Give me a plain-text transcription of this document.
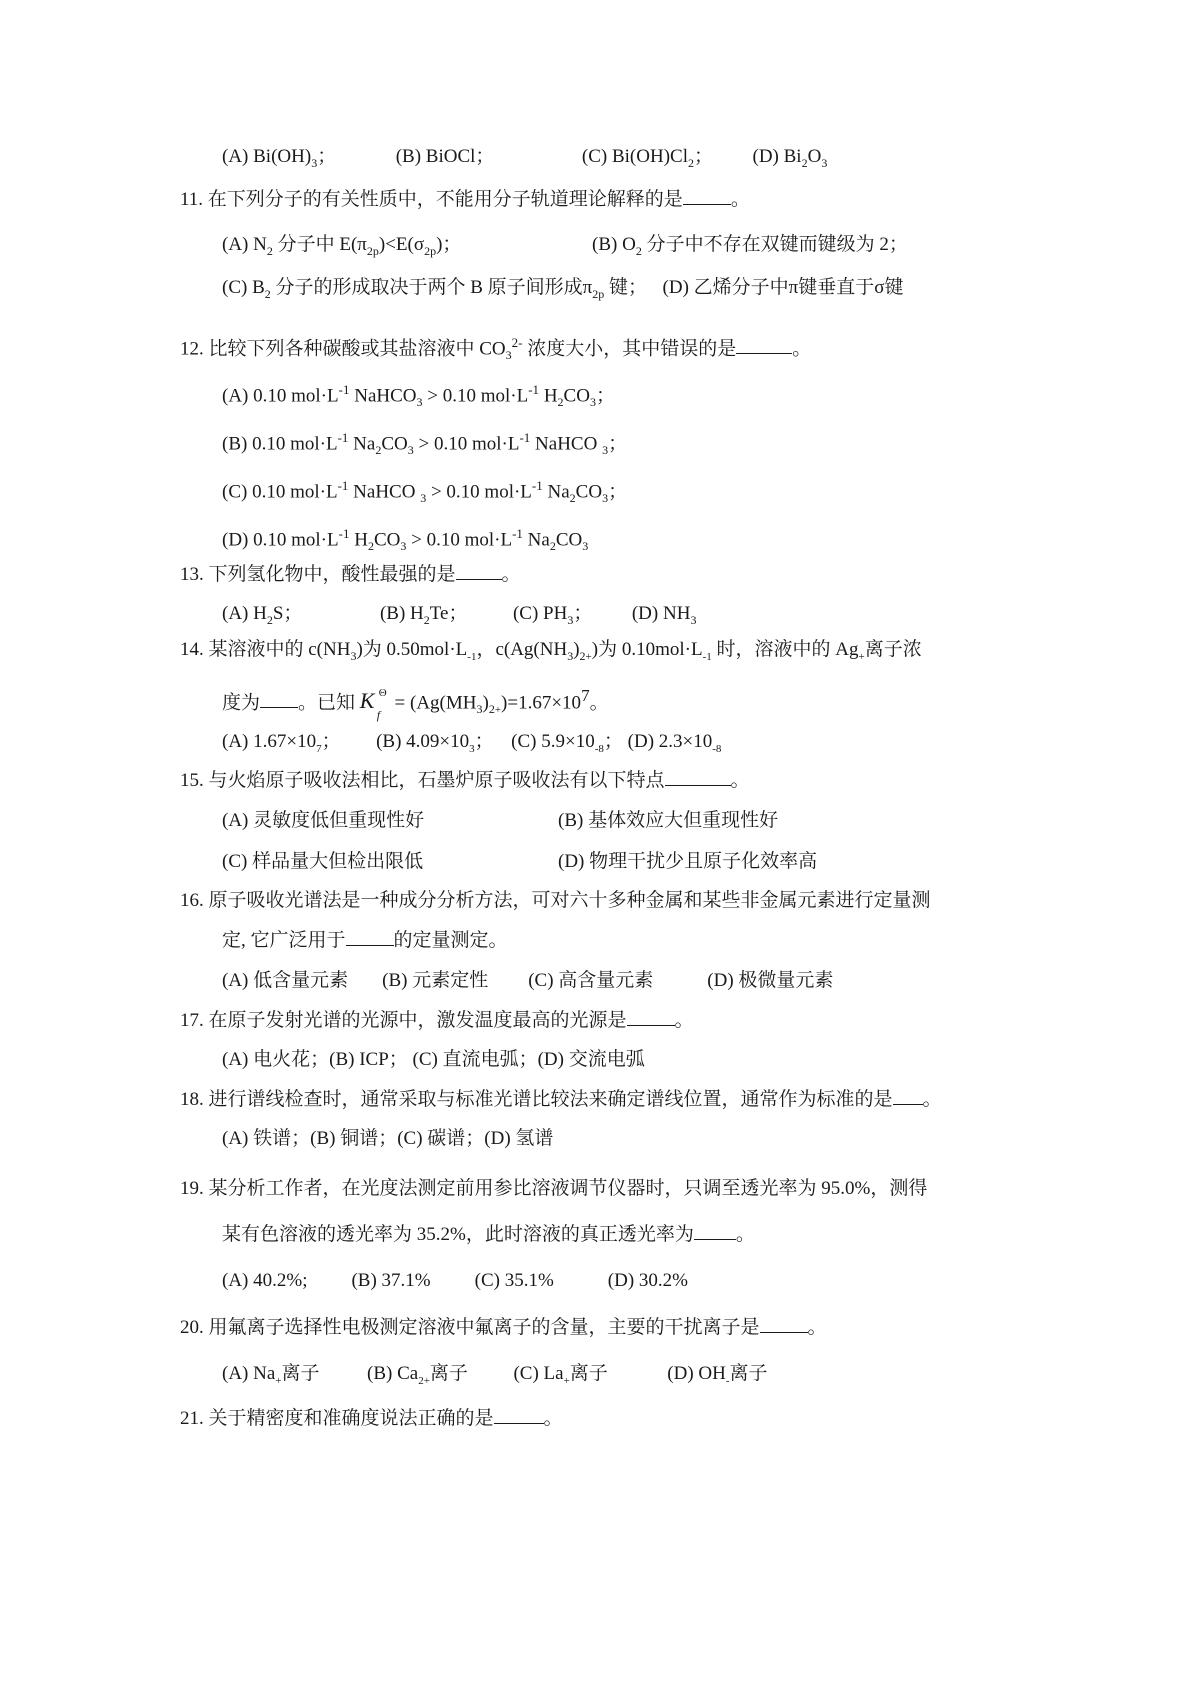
(A) $Bi(OH)_3$；	(B) BiOCl；	(C) $Bi(OH)Cl_2$； (D) $Bi_2O_3$
11. 在下列分子的有关性质中，不能用分子轨道理论解释的是	。
(A) $N_2$ 分子中 $E(\pi_{2p})<E(\sigma_{2p})$；	(B) $O_2$ 分子中不存在双键而键级为 2；
(C) $B_2$ 分子的形成取决于两个 B 原子间形成$\pi_{2p}$ 键； (D) 乙烯分子中π键垂直于σ键
12. 比较下列各种碳酸或其盐溶液中 $CO_3^{2-}$ 浓度大小，其中错误的是	。
(A) 0.10 $mol\cdot L^{-1}$ NaHCO$_3$ > 0.10 $mol\cdot L^{-1}$ $H_2CO_3$；
(B) 0.10 $mol\cdot L^{-1}$ $Na_2CO_3 > 0.10$ $mol\cdot L^{-1}$ NaHCO $_3$；
(C) 0.10 $mol\cdot L^{-1}$ NaHCO $_3$ > 0.10 $mol\cdot L^{-1}$ $Na_2CO_3$；
(D) 0.10 $mol\cdot L^{-1}$ $H_2CO_3 > 0.10$ $mol\cdot L^{-1}$ $Na_2CO_3$
13. 下列氢化物中，酸性最强的是 。
(A) $H_2S$；	(B) $H_2Te$； (C) $PH_3$； (D) $NH_3$
14. 某溶液中的 $c(NH_3)$为 $0.50mol\cdot L_{-1}$，$c(Ag(NH_3)_{2+})$为 $0.10mol\cdot L_{-1}$ 时，溶液中的 $Ag_+$离子浓
度为 。已知 K Θ
f
= $(Ag(MH_3)_{2+})=1.67\times 10^7$。
(A) $1.67\times 10_7$； (B) $4.09\times 10_3$； (C) $5.9\times 10_{-8}$； (D) $2.3\times 10_{-8}$
15. 与火焰原子吸收法相比，石墨炉原子吸收法有以下特点	。
(A) 灵敏度低但重现性好	(B) 基体效应大但重现性好
(C) 样品量大但检出限低	(D) 物理干扰少且原子化效率高
16. 原子吸收光谱法是一种成分分析方法，可对六十多种金属和某些非金属元素进行定量测
定, 它广泛用于	的定量测定。
(A) 低含量元素 (B) 元素定性 (C) 高含量元素	(D) 极微量元素
17. 在原子发射光谱的光源中，激发温度最高的光源是	。
(A) 电火花；(B) ICP； (C) 直流电弧；(D) 交流电弧
18. 进行谱线检查时，通常采取与标准光谱比较法来确定谱线位置，通常作为标准的是 。
(A) 铁谱；(B) 铜谱；(C) 碳谱；(D) 氢谱
19. 某分析工作者，在光度法测定前用参比溶液调节仪器时，只调至透光率为 95.0%，测得
某有色溶液的透光率为 35.2%，此时溶液的真正透光率为 。
(A) 40.2%; (B) 37.1% (C) 35.1%	(D) 30.2%
20. 用氟离子选择性电极测定溶液中氟离子的含量，主要的干扰离子是	。
(A) $Na_+$离子	(B) $Ca_{2+}$离子 (C) $La_+$离子	(D) $OH_-$离子
21. 关于精密度和准确度说法正确的是	。
